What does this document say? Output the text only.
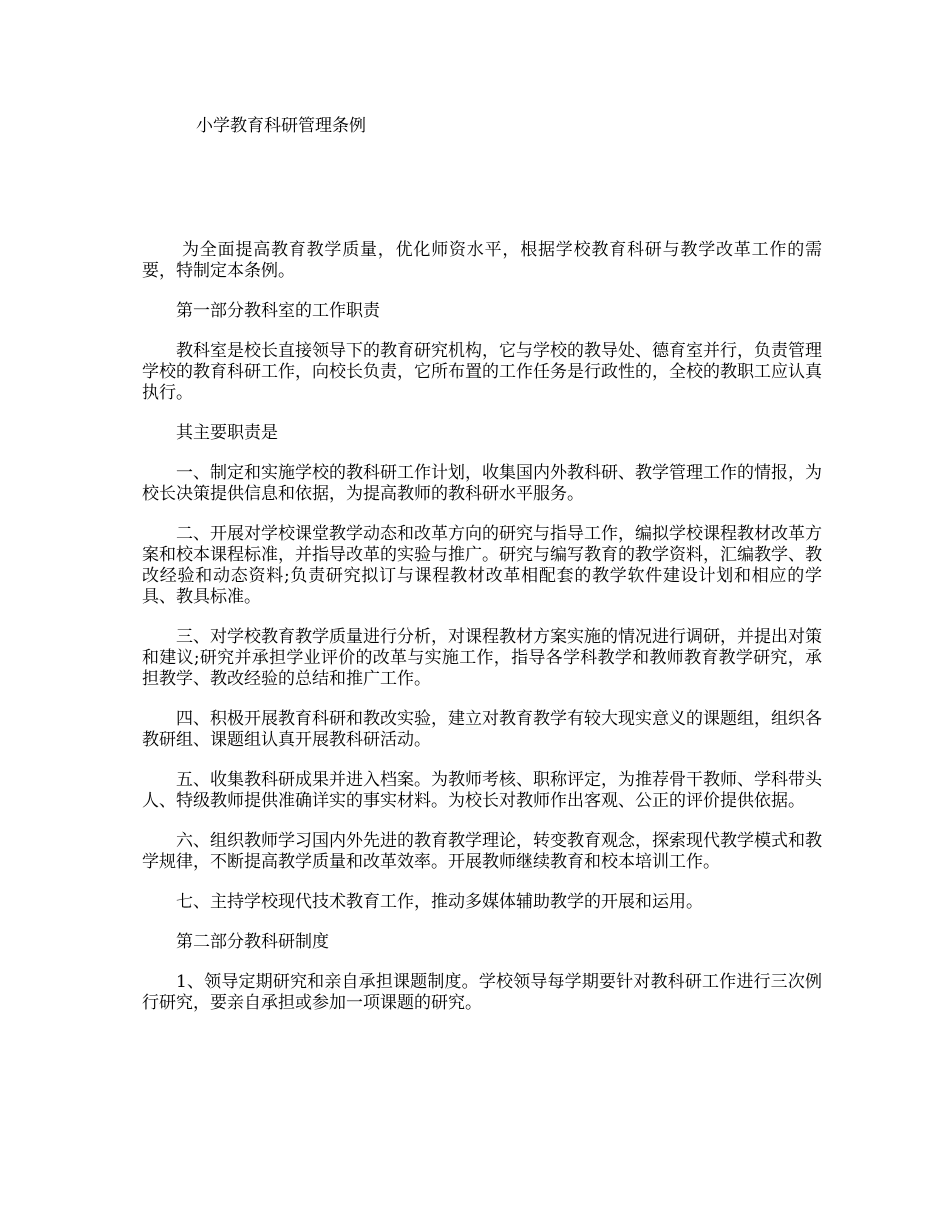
小学教育科研管理条例

为全面提高教育教学质量，优化师资水平，根据学校教育科研与教学改革工作的需要，特制定本条例。

第一部分教科室的工作职责

教科室是校长直接领导下的教育研究机构，它与学校的教导处、德育室并行，负责管理学校的教育科研工作，向校长负责，它所布置的工作任务是行政性的，全校的教职工应认真执行。

其主要职责是

一、制定和实施学校的教科研工作计划，收集国内外教科研、教学管理工作的情报，为校长决策提供信息和依据，为提高教师的教科研水平服务。

二、开展对学校课堂教学动态和改革方向的研究与指导工作，编拟学校课程教材改革方案和校本课程标准，并指导改革的实验与推广。研究与编写教育的教学资料，汇编教学、教改经验和动态资料;负责研究拟订与课程教材改革相配套的教学软件建设计划和相应的学具、教具标准。

三、对学校教育教学质量进行分析，对课程教材方案实施的情况进行调研，并提出对策和建议;研究并承担学业评价的改革与实施工作，指导各学科教学和教师教育教学研究，承担教学、教改经验的总结和推广工作。

四、积极开展教育科研和教改实验，建立对教育教学有较大现实意义的课题组，组织各教研组、课题组认真开展教科研活动。

五、收集教科研成果并进入档案。为教师考核、职称评定，为推荐骨干教师、学科带头人、特级教师提供准确详实的事实材料。为校长对教师作出客观、公正的评价提供依据。

六、组织教师学习国内外先进的教育教学理论，转变教育观念，探索现代教学模式和教学规律，不断提高教学质量和改革效率。开展教师继续教育和校本培训工作。

七、主持学校现代技术教育工作，推动多媒体辅助教学的开展和运用。

第二部分教科研制度

1、领导定期研究和亲自承担课题制度。学校领导每学期要针对教科研工作进行三次例行研究，要亲自承担或参加一项课题的研究。
